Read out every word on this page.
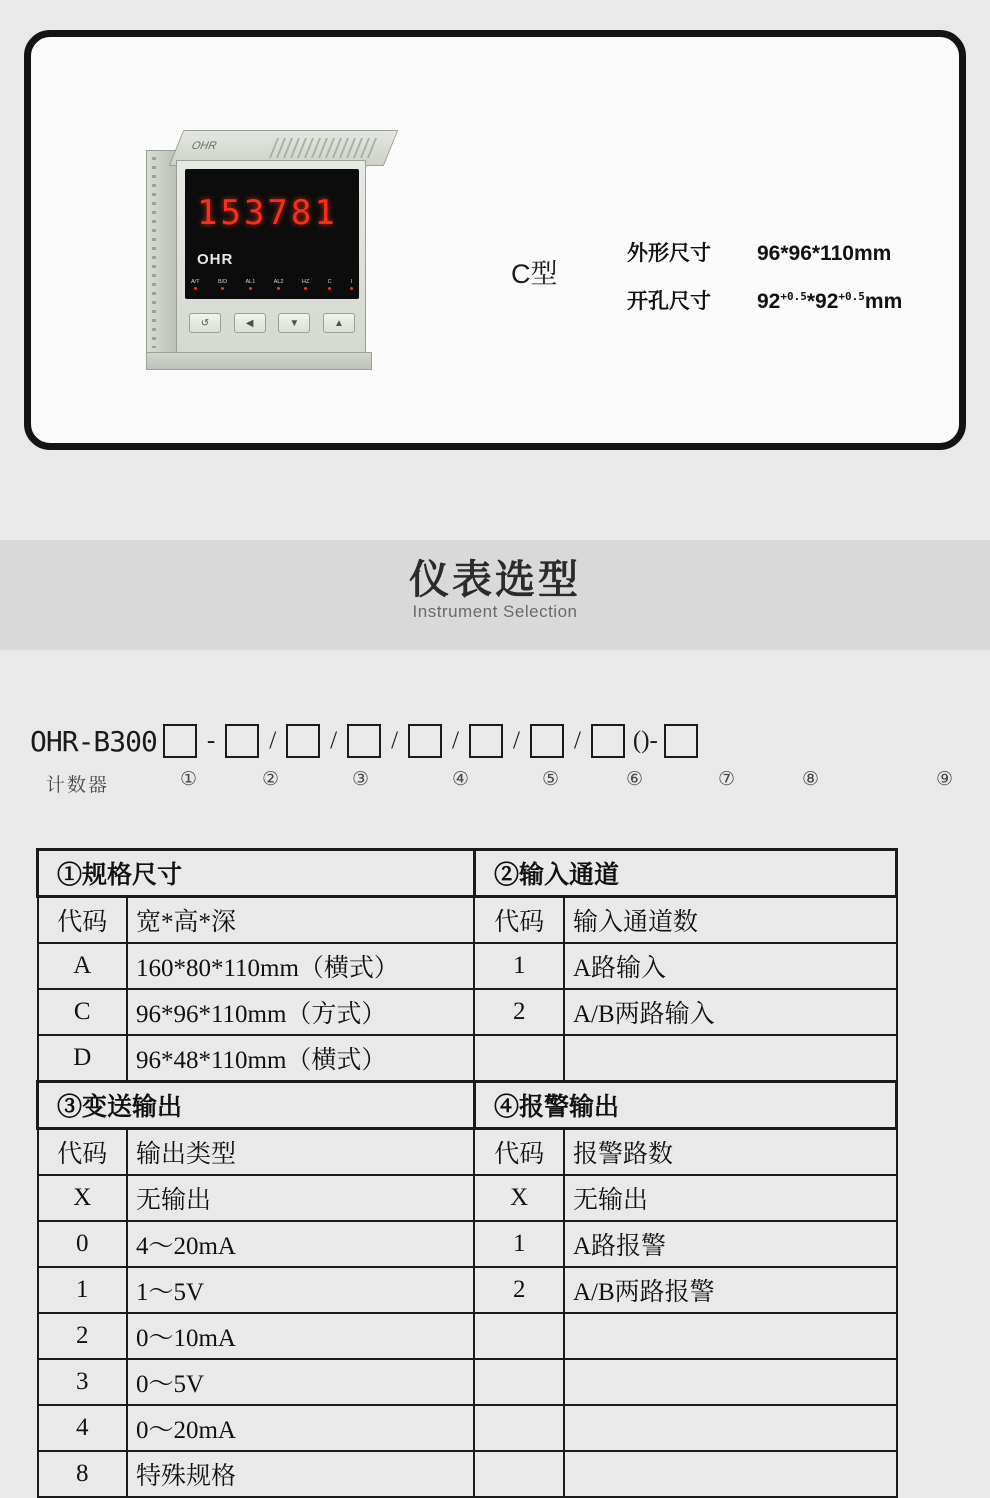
OHR
153781
OHR
A/T	B/D	AL1	AL2	HZ	C	I
↺	◀	▼	▲
C型
外形尺寸	96*96*110mm
开孔尺寸	$92^{+0.5}*92^{+0.5}mm$
仪表选型
Instrument Selection
OHR-B300 - / / / / / / ()-
计数器	①	②	③	④	⑤	⑥	⑦	⑧	⑨
①规格尺寸		②输入通道	
代码	宽*高*深	代码	输入通道数
A	160*80*110mm（横式）	1	A路输入
C	96*96*110mm（方式）	2	A/B两路输入
D	96*48*110mm（横式）		
③变送输出		④报警输出	
代码	输出类型	代码	报警路数
X	无输出	X	无输出
0	4～20mA	1	A路报警
1	1～5V	2	A/B两路报警
2	0～10mA		
3	0～5V		
4	0～20mA		
8	特殊规格		
